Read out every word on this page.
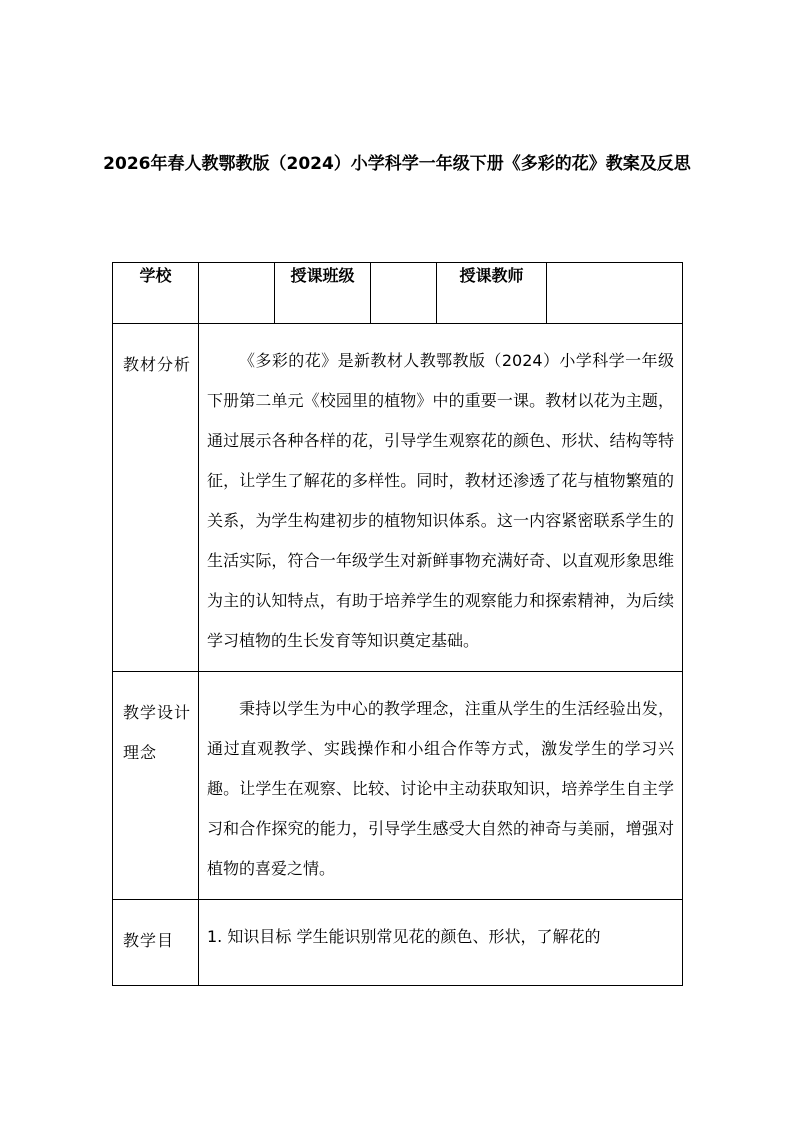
2026年春人教鄂教版（2024）小学科学一年级下册《多彩的花》教案及反思
学校		授课班级		授课教师	
教材分析	《多彩的花》是新教材人教鄂教版（2024）小学科学一年级下册第二单元《校园里的植物》中的重要一课。教材以花为主题，通过展示各种各样的花，引导学生观察花的颜色、形状、结构等特征，让学生了解花的多样性。同时，教材还渗透了花与植物繁殖的关系，为学生构建初步的植物知识体系。这一内容紧密联系学生的生活实际，符合一年级学生对新鲜事物充满好奇、以直观形象思维为主的认知特点，有助于培养学生的观察能力和探索精神，为后续学习植物的生长发育等知识奠定基础。				
教学设计理念	秉持以学生为中心的教学理念，注重从学生的生活经验出发，通过直观教学、实践操作和小组合作等方式，激发学生的学习兴趣。让学生在观察、比较、讨论中主动获取知识，培养学生自主学习和合作探究的能力，引导学生感受大自然的神奇与美丽，增强对植物的喜爱之情。				

教学目	1. 知识目标 学生能识别常见花的颜色、形状，了解花的				
